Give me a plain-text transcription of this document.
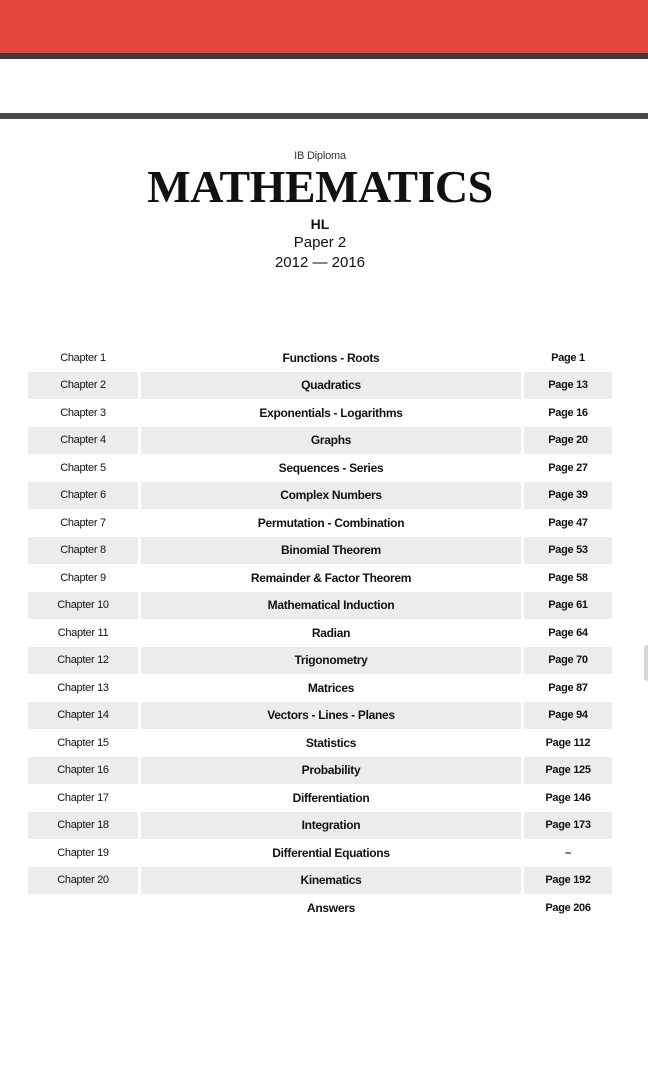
IB Diploma
MATHEMATICS
HL
Paper 2
2012 — 2016
Chapter 1		Functions - Roots		Page 1
Chapter 2		Quadratics		Page 13
Chapter 3		Exponentials - Logarithms		Page 16
Chapter 4		Graphs		Page 20
Chapter 5		Sequences - Series		Page 27
Chapter 6		Complex Numbers		Page 39
Chapter 7		Permutation - Combination		Page 47
Chapter 8		Binomial Theorem		Page 53
Chapter 9		Remainder & Factor Theorem		Page 58
Chapter 10		Mathematical Induction		Page 61
Chapter 11		Radian		Page 64
Chapter 12		Trigonometry		Page 70
Chapter 13		Matrices		Page 87
Chapter 14		Vectors - Lines - Planes		Page 94
Chapter 15		Statistics		Page 112
Chapter 16		Probability		Page 125
Chapter 17		Differentiation		Page 146
Chapter 18		Integration		Page 173
Chapter 19		Differential Equations		–
Chapter 20		Kinematics		Page 192
		Answers		Page 206
